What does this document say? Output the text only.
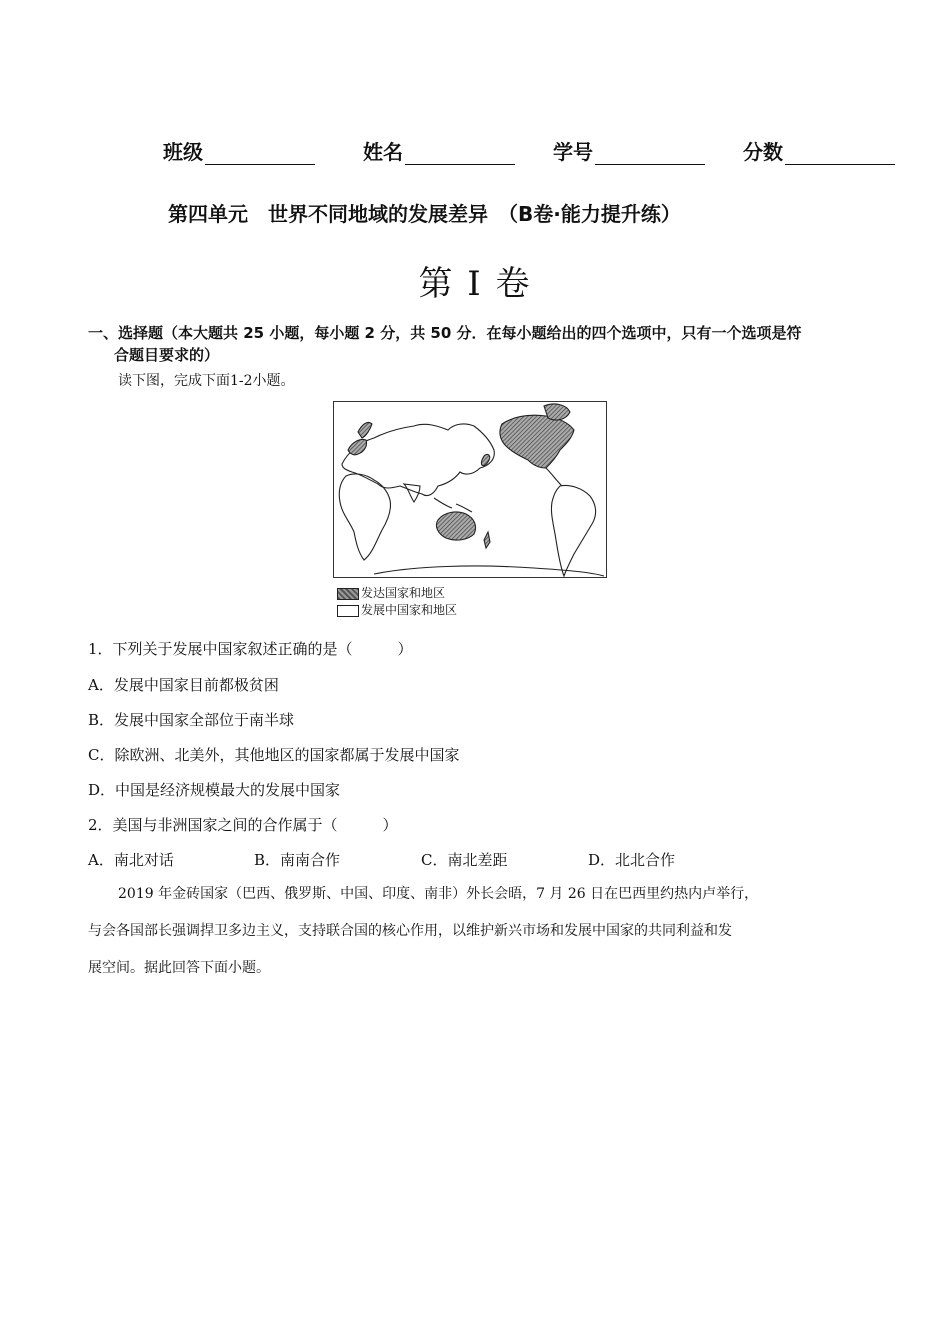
班级	姓名	学号	分数
第四单元　世界不同地域的发展差异　（B卷·能力提升练）
第 I 卷
一、选择题（本大题共 25 小题，每小题 2 分，共 50 分．在每小题给出的四个选项中，只有一个选项是符
合题目要求的）
读下图，完成下面1-2小题。
发达国家和地区
发展中国家和地区
1．下列关于发展中国家叙述正确的是（　　　）
A．发展中国家目前都极贫困
B．发展中国家全部位于南半球
C．除欧洲、北美外，其他地区的国家都属于发展中国家
D．中国是经济规模最大的发展中国家
2．美国与非洲国家之间的合作属于（　　　）
A．南北对话	B．南南合作	C．南北差距	D．北北合作
2019 年金砖国家（巴西、俄罗斯、中国、印度、南非）外长会晤，7 月 26 日在巴西里约热内卢举行，
与会各国部长强调捍卫多边主义，支持联合国的核心作用，以维护新兴市场和发展中国家的共同利益和发
展空间。据此回答下面小题。
